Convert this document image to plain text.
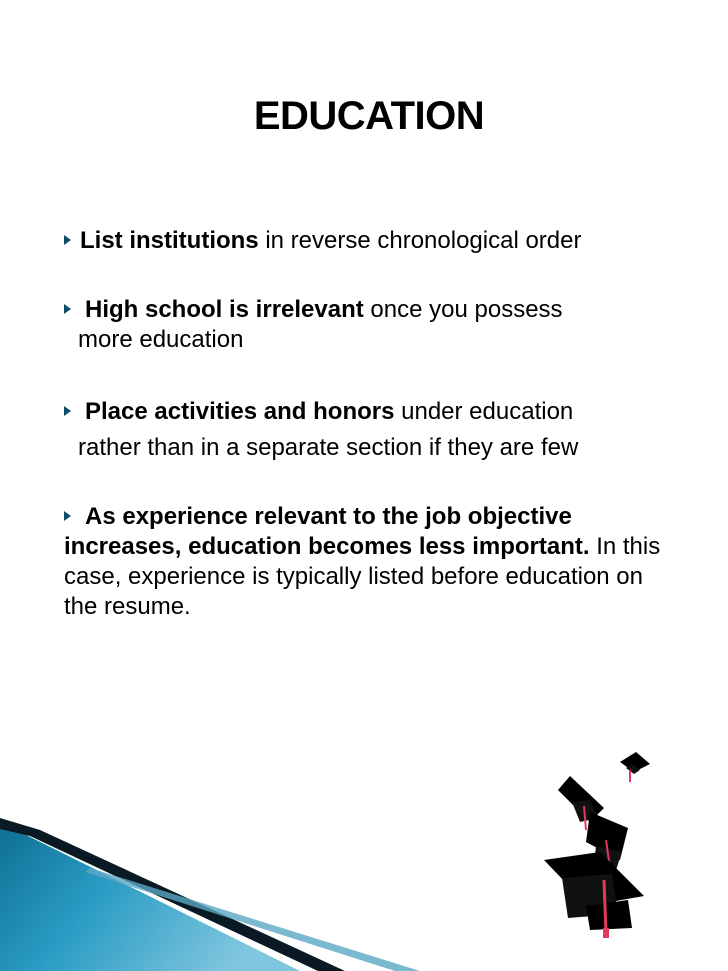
EDUCATION
List institutions in reverse chronological order
High school is irrelevant once you possess
more education
Place activities and honors under education
rather than in a separate section if they are few
As experience relevant to the job objective increases, education becomes less important. In this case, experience is typically listed before education on the resume.
